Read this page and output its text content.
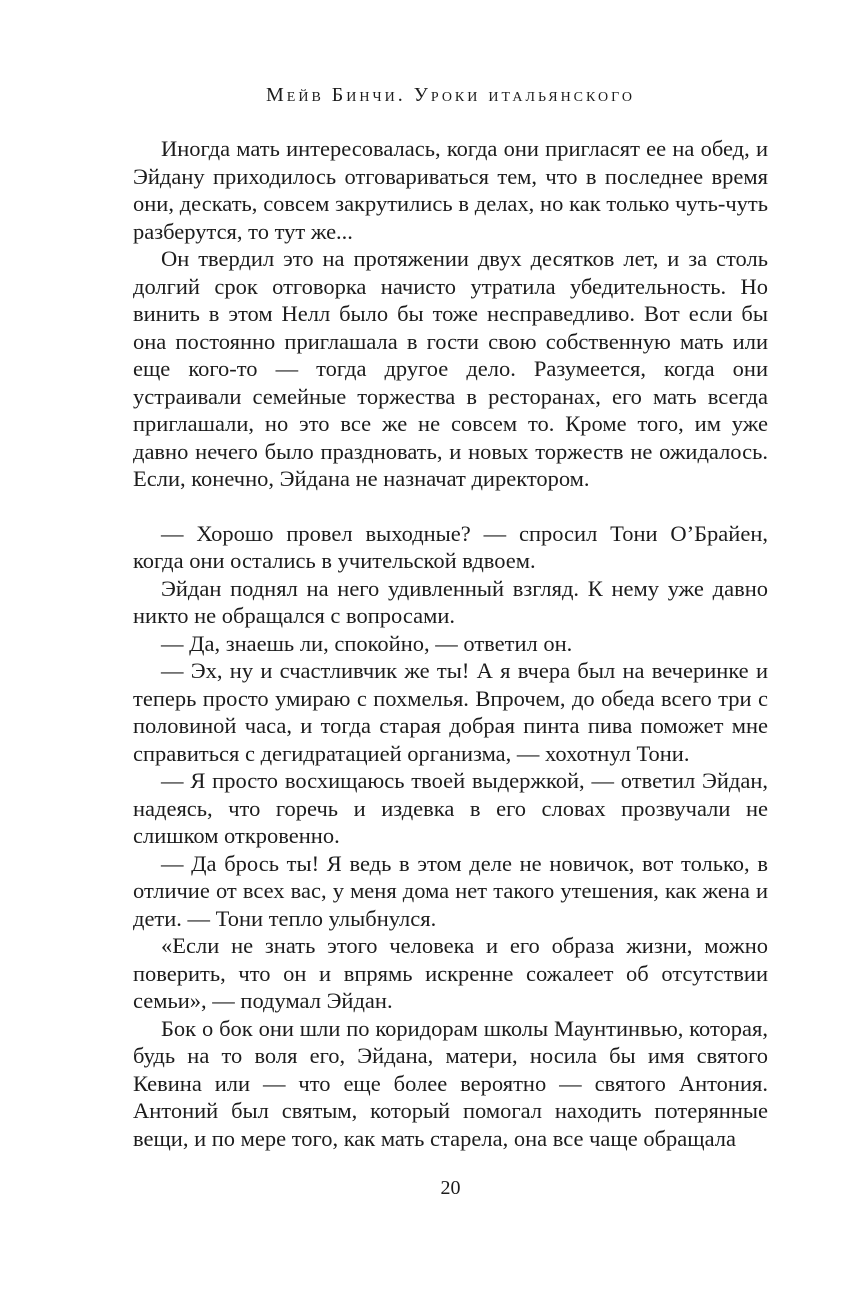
Мейв Бинчи. Уроки итальянского

Иногда мать интересовалась, когда они пригласят ее на обед, и Эйдану приходилось отговариваться тем, что в последнее время они, дескать, совсем закрутились в делах, но как только чуть-чуть разберутся, то тут же...

Он твердил это на протяжении двух десятков лет, и за столь долгий срок отговорка начисто утратила убедительность. Но винить в этом Нелл было бы тоже несправедливо. Вот если бы она постоянно приглашала в гости свою собственную мать или еще кого-то — тогда другое дело. Разумеется, когда они устраивали семейные торжества в ресторанах, его мать всегда приглашали, но это все же не совсем то. Кроме того, им уже давно нечего было праздновать, и новых торжеств не ожидалось. Если, конечно, Эйдана не назначат директором.

— Хорошо провел выходные? — спросил Тони О’Брайен, когда они остались в учительской вдвоем.

Эйдан поднял на него удивленный взгляд. К нему уже давно никто не обращался с вопросами.

— Да, знаешь ли, спокойно, — ответил он.

— Эх, ну и счастливчик же ты! А я вчера был на вечеринке и теперь просто умираю с похмелья. Впрочем, до обеда всего три с половиной часа, и тогда старая добрая пинта пива поможет мне справиться с дегидратацией организма, — хохотнул Тони.

— Я просто восхищаюсь твоей выдержкой, — ответил Эйдан, надеясь, что горечь и издевка в его словах прозвучали не слишком откровенно.

— Да брось ты! Я ведь в этом деле не новичок, вот только, в отличие от всех вас, у меня дома нет такого утешения, как жена и дети. — Тони тепло улыбнулся.

«Если не знать этого человека и его образа жизни, можно поверить, что он и впрямь искренне сожалеет об отсутствии семьи», — подумал Эйдан.

Бок о бок они шли по коридорам школы Маунтинвью, которая, будь на то воля его, Эйдана, матери, носила бы имя святого Кевина или — что еще более вероятно — святого Антония. Антоний был святым, который помогал находить потерянные вещи, и по мере того, как мать старела, она все чаще обращала

20
